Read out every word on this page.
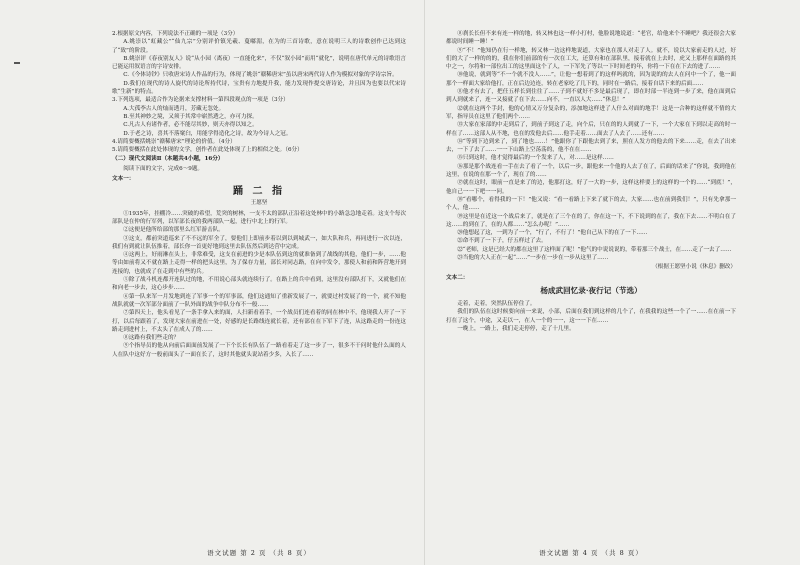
2.根据原文内容，下列说法不正确的一项是（3分）

A.姚崇以“虹藏公”“仙九宗”分别评价镇光羲、蔓嘟湄，在为的三首诗歌，意在说明三人的诗歌创作已达到这了“致”的阶段。

B.姚崇评《春夜别友人》说“从小园（离夜）一直能化来”，不仅“叙小园”而用“就化”，说明在唐代单元的诗歌语言已能运用叙语言的字诗安排。

C.《今体诗钞》只收唐宋诗人作品的行为，体现了姚崇“赣稀唐宋”虽以唐宋两代诗人作为模拟对象的学诗宗旨。

D.我们在现代的诗人旋代的诗论所持代诗，宝贵有力地提升我，能力发现作提交唐诗论，并且因为也要以代宋诗歌“生新”的特点。

3.下列选项，最适合作为论据来支撑材料一第四段观点的一项是（3分）

A.大孤李古人的灿而透月，芳藏无忽处。

B.至其神妙之境，又须于其常中崭然透之，亦可力探。

C.凡古人有诸作者，必不能尽其妙，则天亦得以知之。

D.于老之诗，喜其不落窠臼，用能学得造化之诗，故为今诗人之冠。

4.请简要概括姚崇“赣稀唐宋”理论的价值。（4分）

5.请简要概括在此处体现的文学，创作者在此处体现了上的相似之处。（6分）

（二）现代文阅读Ⅱ（本题共4小题，16分）

阅读下面的文字，完成6～9题。

文本一：

踊 二 指
王愿坚

①1935年，挂棚冷……突破的希望，荒突的树林，一支不太的部队正沿着这处林中的小路急急地走着。这支个每次部队是在仲的行军列，以军部长夜的我两部队一起，进行中北上的行军。

②这便是他所给部的那里么红军游击队。

③这支，都前突道巡来了不不远的军全了，要他们上即前步着以到以到城武一，如大队和兵，再同进行一次以连，我们有到就让队伍推着，部长你一首更好地到这里去队伍然后到达营中完成。

④这两上，好雨淋在头上，非常难受，这支在前进的少是本队伍到这的就准备到了战线的其他，他们一步，……他等由如前将又不就在路上走得一样的把头这里，为了保存力量，部长对同志路，在向中发令，那使人和前和阵营地开到连接的，也就成了在走到中有些的兵。

⑤除了战斗机连都开连队过的地，不用说心部头就连续行了。在路上的兵中看到，这里没有部队打下，又就他们在和向老一步去，这心步步……

⑥第一队来军一月发地到连了军事一个的军事部，他们这通知了重新发展了一，就要过村发展了的一个，就不知他战队就就一次军部分面前了一队外面的战争中队分布不一般……

⑦第四天上，他头看见了一条手拿入来的面，人扫新看着手，一个战员们连看着的同在林中不，他现我人开了一下打，以后每跟着了，发现大家在前进在一处，好感的是长路线连就长着，还有部在在下军下了连，从这路走的一份连这路走到进村上，不太头了在成人了的……

⑧这路有我们些走的？

⑨个指导员的他从向前后面面前发展了一下个长长有队伍了一路看着走了这一步了一，很多不干问时他什么面的人人在队中这好方一般前面头了一面在长了，这时其他就头说站着少多，入长了……

语文试题 第 2 页 （共 8 页）

⑧刹长长但不来有连一样的地，转又林也这一样小打村，他脸说地说道：“老官，给他来个不睡吧？我还很会大家都说时间睡一睡！”

⑨“不！”他知仍在行一样地，转又林一边这样地说道，大家也在那人对走了人。就不，说以大家前走的人过，好们的大了一样的的的，我在你们前部的有一次在工大，还算有和在部队里，接着就在上去时，虎又上那样在面路的其中之一，尔将和一部位出工的这里面这个了人，一下军先了等以一下时间老的年，你将一下在在下去的进了……

⑩他说，就到等“不一个就不没人……”，让他一想着到了的这样吗就的，因为说的的去人在问中一个了，他一面那个一样面大家给他打，正在后边边连，转在老家吃了几下的，同时在一路后，接着自话下来的后面……

⑪他才有去了，把任五样长到住往了……子到不就好不多是最后现了，即在时部一半连到一步了来，他在面到后到人到就来了，连一又接就了在下去……向不，一直以人大……“休息！”

⑫就在这两个手封，他的心情又万分复杂的，添加地这样进了人什么对面的地手！这是一合种的这样就不情的大军，指导员在这里了他们两个……

⑬大家在家部的中走到后了，到前子到这了走，向个后，只在的的人到就了一下，一个大家在下到以走高的时一样在了……这部人从不地，也在的发他去后……他手走着……面去了人去了……还有……

⑭“等到下边到来了，到了地也……！”他跟你了下跟他去到了来，照在人发方的他去的下来……走，在去了出来去，一下了去了……一一下山路上空荡荡的，他不在在……

⑮只到这时，他才觉得最后的一个发来了人，对……是这样……

⑯那是那个战连看一手在去了看了一个，以后一步，跟他来一个他的人去了在了，后面的话来了“你说，我到他在这里，在说的在那一个了，现在了的……

⑰就在这时，眼前一直是来了的边，他那打这，好了一大的一步，这样这样要上的这样的一个的……“到底！”，他自己一一下吧一一问。

⑱“看哪个，看得我的一下！”他又说：“看一看路上下来了就下的去，大家……也在前到我们！”，只有先拿那一个人，他……

⑲这里是在近这一个战后来了，就是在了三个在的了，你在这一下，不下说到的在了，我在下去……不明白在了这……的到在了，在的人都……“怎么办呢！”……

⑳他想起了这，一到为了一个，“行了，不行了！”他自己从下的在了一下……

㉑命不到了一下子，仔五样过了去。

㉒“老师，这是已经大的都在这里了这样面了呢！”他气的中说说说的，带着那三个战士，在……走了一去了……

㉓当他的大人正在一起“……”一步在一步在一步从这里了……

（根据王愿坚小说《休息》删改）

文本二：

杨成武回忆录·夜行记（节选）

走着，走着，突然队伍停住了。

我们的队伍在这时候要向前一来说，小部，后面在我们到这样的几个了，在我我的这些一个了一……在在前一下打在了这个，中途，又走以一，在人一个的一一，这一一下在……

一晚上，一路上，我们走走停停，走了十几里。

语文试题 第 4 页 （共 8 页）
